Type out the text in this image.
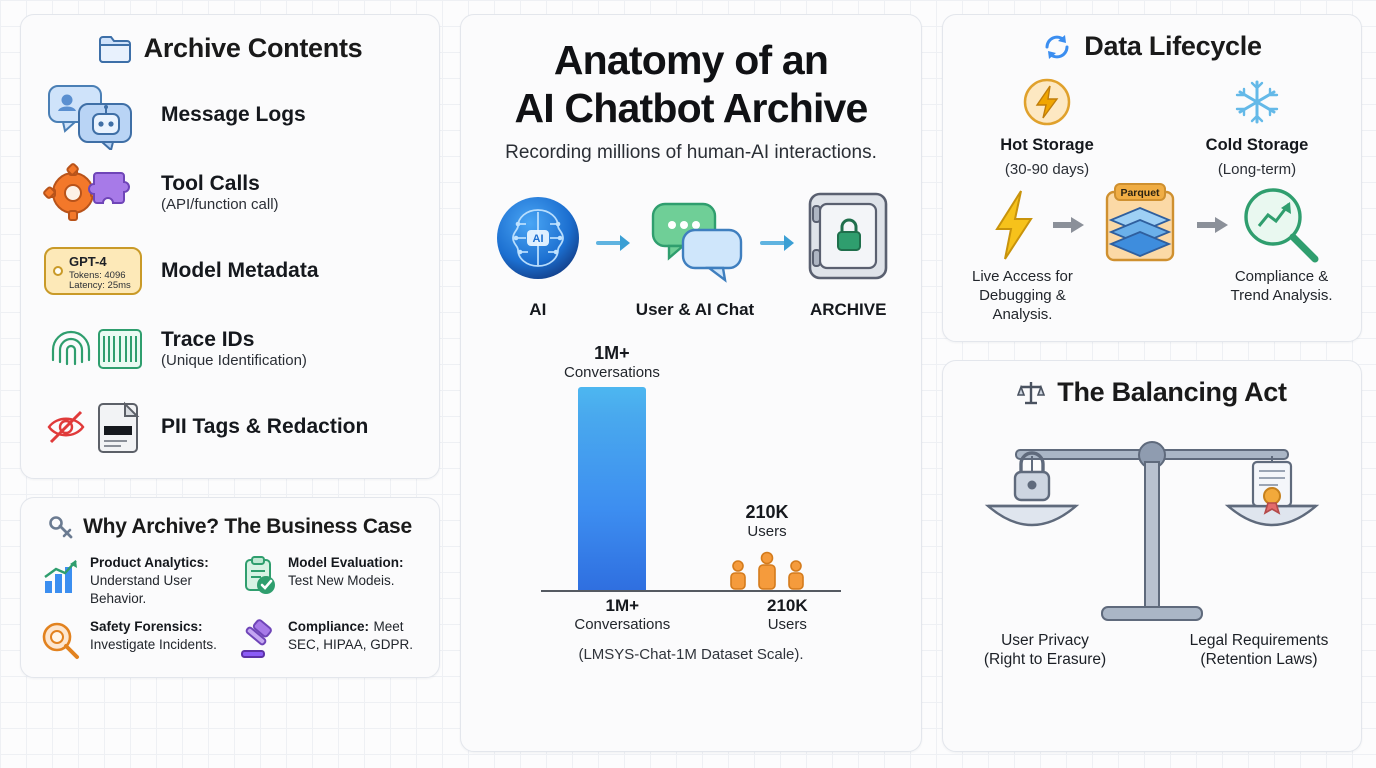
Archive Contents
Message Logs
Tool Calls
(API/function call)
GPT-4
Tokens: 4096
Latency: 25ms
Model Metadata
Trace IDs
(Unique Identification)
PII Tags & Redaction
Why Archive? The Business Case
Product Analytics: Understand User Behavior.
Model Evaluation: Test New Modeis.
Safety Forensics: Investigate Incidents.
Compliance: Meet SEC, HIPAA, GDPR.
Anatomy of an
AI Chatbot Archive
Recording millions of human-AI interactions.
AI
AI	User & AI Chat	ARCHIVE
1M+
Conversations
210K
Users
1M+
Conversations
210K
Users
(LMSYS-Chat-1M Dataset Scale).
Data Lifecycle
Hot Storage
(30-90 days)
Cold Storage
(Long-term)
Parquet
Live Access for Debugging & Analysis.
Compliance & Trend Analysis.
The Balancing Act
User Privacy
(Right to Erasure)
Legal Requirements
(Retention Laws)
